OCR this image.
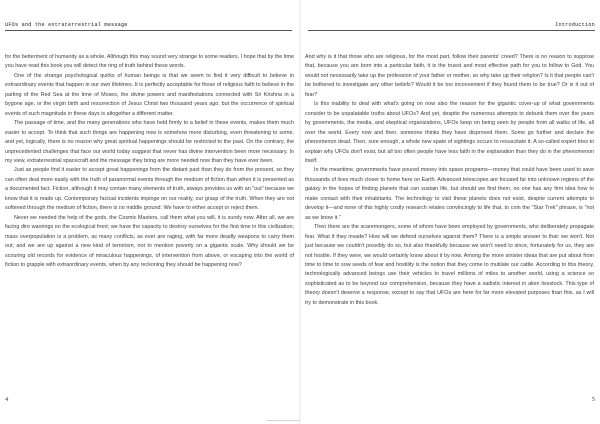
UFOs and the extraterrestrial message

for the betterment of humanity as a whole. Although this may sound very strange to some readers, I hope that by the time you have read this book you will detect the ring of truth behind these words.

One of the strange psychological quirks of human beings is that we seem to find it very difficult to believe in extraordinary events that happen in our own lifetimes. It is perfectly acceptable for those of religious faith to believe in the parting of the Red Sea at the time of Moses, the divine powers and manifestations connected with Sri Krishna in a bygone age, or the virgin birth and resurrection of Jesus Christ two thousand years ago; but the occurrence of spiritual events of such magnitude in these days is altogether a different matter.

The passage of time, and the many generations who have held firmly to a belief in these events, makes them much easier to accept. To think that such things are happening now is somehow more disturbing, even threatening to some, and yet, logically, there is no reason why great spiritual happenings should be restricted to the past. On the contrary, the unprecedented challenges that face our world today suggest that never has divine intervention been more necessary. In my view, extraterrestrial spacecraft and the message they bring are more needed now than they have ever been.

Just as people find it easier to accept great happenings from the distant past than they do from the present, so they can often deal more easily with the truth of paranormal events through the medium of fiction than when it is presented as a documented fact. Fiction, although it may contain many elements of truth, always provides us with an "out" because we know that it is made up. Contemporary factual incidents impinge on our reality, our grasp of the truth. When they are not softened through the medium of fiction, there is no middle ground. We have to either accept or reject them.

Never we needed the help of the gods, the Cosmic Masters, call them what you will, it is surely now. After all, we are facing dire warnings on the ecological front; we have the capacity to destroy ourselves for the first time in this civilization; mass overpopulation is a problem, as many conflicts, as ever are raging, with far more deadly weapons to carry them out; and we are up against a new kind of terrorism, not to mention poverty on a gigantic scale. Why should we be scouring old records for evidence of miraculous happenings, of intervention from above, or escaping into the world of fiction to grapple with extraordinary events, when by any reckoning they should be happening now?

4
Introduction

And why is it that those who are religious, for the most part, follow their parents' creed? There is no reason to suppose that, because you are born into a particular faith, it is the truest and most effective path for you to follow to God. You would not necessarily take up the profession of your father or mother, so why take up their religion? Is it that people can't be bothered to investigate any other beliefs? Would it be too inconvenient if they found them to be true? Or is it out of fear?

Is this inability to deal with what's going on now also the reason for the gigantic cover-up of what governments consider to be unpalatable truths about UFOs? And yet, despite the numerous attempts to debunk them over the years by governments, the media, and skeptical organizations, UFOs keep on being seen by people from all walks of life, all over the world. Every now and then, someone thinks they have disproved them. Some go further and declare the phenomenon dead. Then, sure enough, a whole new spate of sightings occurs to resuscitate it. A so-called expert tries to explain why UFOs don't exist, but all too often people have less faith in the explanation than they do in the phenomenon itself.

In the meantime, governments have poured money into space programs—money that could have been used to save thousands of lives much closer to home here on Earth. Advanced telescopes are focused far into unknown regions of the galaxy in the hopes of finding planets that can sustain life, but should we find them, no one has any firm idea how to make contact with their inhabitants. The technology to visit these planets does not exist, despite current attempts to develop it—and none of this highly costly research relates convincingly to life that, to coin the "Star Trek" phrase, is "not as we know it."

Then there are the scaremongers, some of whom have been employed by governments, who deliberately propagate fear. What if they invade? How will we defend ourselves against them? There is a simple answer to that: we won't. Not just because we couldn't possibly do so, but also thankfully because we won't need to since, fortunately for us, they are not hostile. If they were, we would certainly know about it by now. Among the more sinister ideas that are put about from time to time to sow seeds of fear and hostility is the notion that they come to mutilate our cattle. According to this theory, technologically advanced beings use their vehicles to travel millions of miles to another world, using a science so sophisticated as to be beyond our comprehension, because they have a sadistic interest in alien livestock. This type of theory doesn't deserve a response, except to say that UFOs are here for far more elevated purposes than this, as I will try to demonstrate in this book.

5
